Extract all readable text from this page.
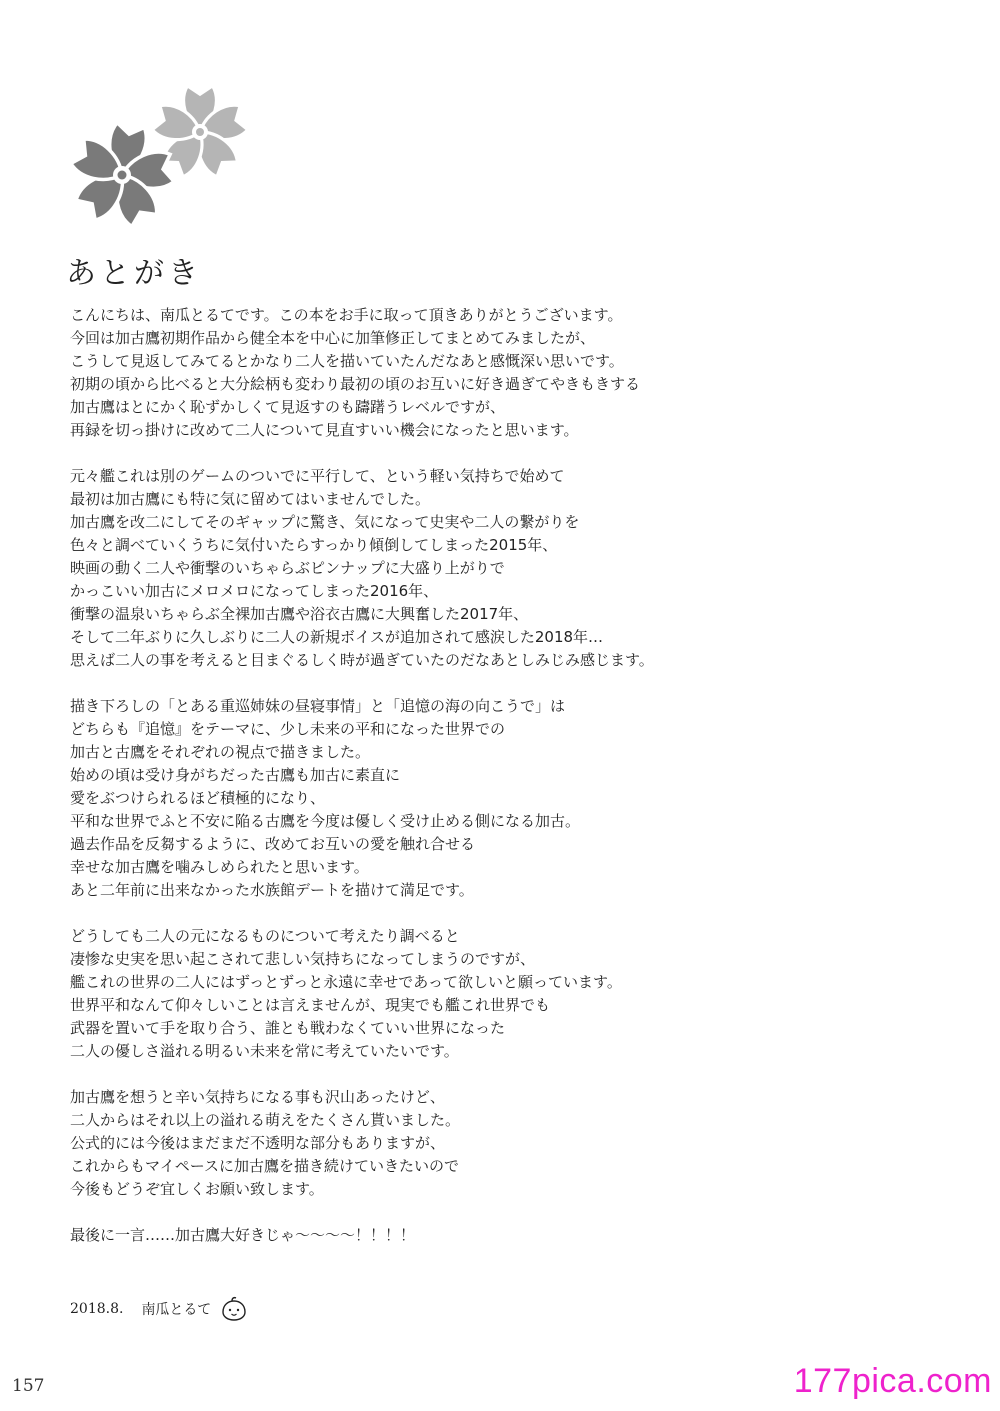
あとがき
こんにちは、南瓜とるてです。この本をお手に取って頂きありがとうございます。
今回は加古鷹初期作品から健全本を中心に加筆修正してまとめてみましたが、
こうして見返してみてるとかなり二人を描いていたんだなあと感慨深い思いです。
初期の頃から比べると大分絵柄も変わり最初の頃のお互いに好き過ぎてやきもきする
加古鷹はとにかく恥ずかしくて見返すのも躊躇うレベルですが、
再録を切っ掛けに改めて二人について見直すいい機会になったと思います。
元々艦これは別のゲームのついでに平行して、という軽い気持ちで始めて
最初は加古鷹にも特に気に留めてはいませんでした。
加古鷹を改二にしてそのギャップに驚き、気になって史実や二人の繋がりを
色々と調べていくうちに気付いたらすっかり傾倒してしまった2015年、
映画の動く二人や衝撃のいちゃらぶピンナップに大盛り上がりで
かっこいい加古にメロメロになってしまった2016年、
衝撃の温泉いちゃらぶ全裸加古鷹や浴衣古鷹に大興奮した2017年、
そして二年ぶりに久しぶりに二人の新規ボイスが追加されて感涙した2018年…
思えば二人の事を考えると目まぐるしく時が過ぎていたのだなあとしみじみ感じます。
描き下ろしの「とある重巡姉妹の昼寝事情」と「追憶の海の向こうで」は
どちらも『追憶』をテーマに、少し未来の平和になった世界での
加古と古鷹をそれぞれの視点で描きました。
始めの頃は受け身がちだった古鷹も加古に素直に
愛をぶつけられるほど積極的になり、
平和な世界でふと不安に陥る古鷹を今度は優しく受け止める側になる加古。
過去作品を反芻するように、改めてお互いの愛を触れ合せる
幸せな加古鷹を噛みしめられたと思います。
あと二年前に出来なかった水族館デートを描けて満足です。
どうしても二人の元になるものについて考えたり調べると
凄惨な史実を思い起こされて悲しい気持ちになってしまうのですが、
艦これの世界の二人にはずっとずっと永遠に幸せであって欲しいと願っています。
世界平和なんて仰々しいことは言えませんが、現実でも艦これ世界でも
武器を置いて手を取り合う、誰とも戦わなくていい世界になった
二人の優しさ溢れる明るい未来を常に考えていたいです。
加古鷹を想うと辛い気持ちになる事も沢山あったけど、
二人からはそれ以上の溢れる萌えをたくさん貰いました。
公式的には今後はまだまだ不透明な部分もありますが、
これからもマイペースに加古鷹を描き続けていきたいので
今後もどうぞ宜しくお願い致します。
最後に一言……加古鷹大好きじゃ～～～～！！！！
2018.8. 南瓜とるて
157	177pica.com
